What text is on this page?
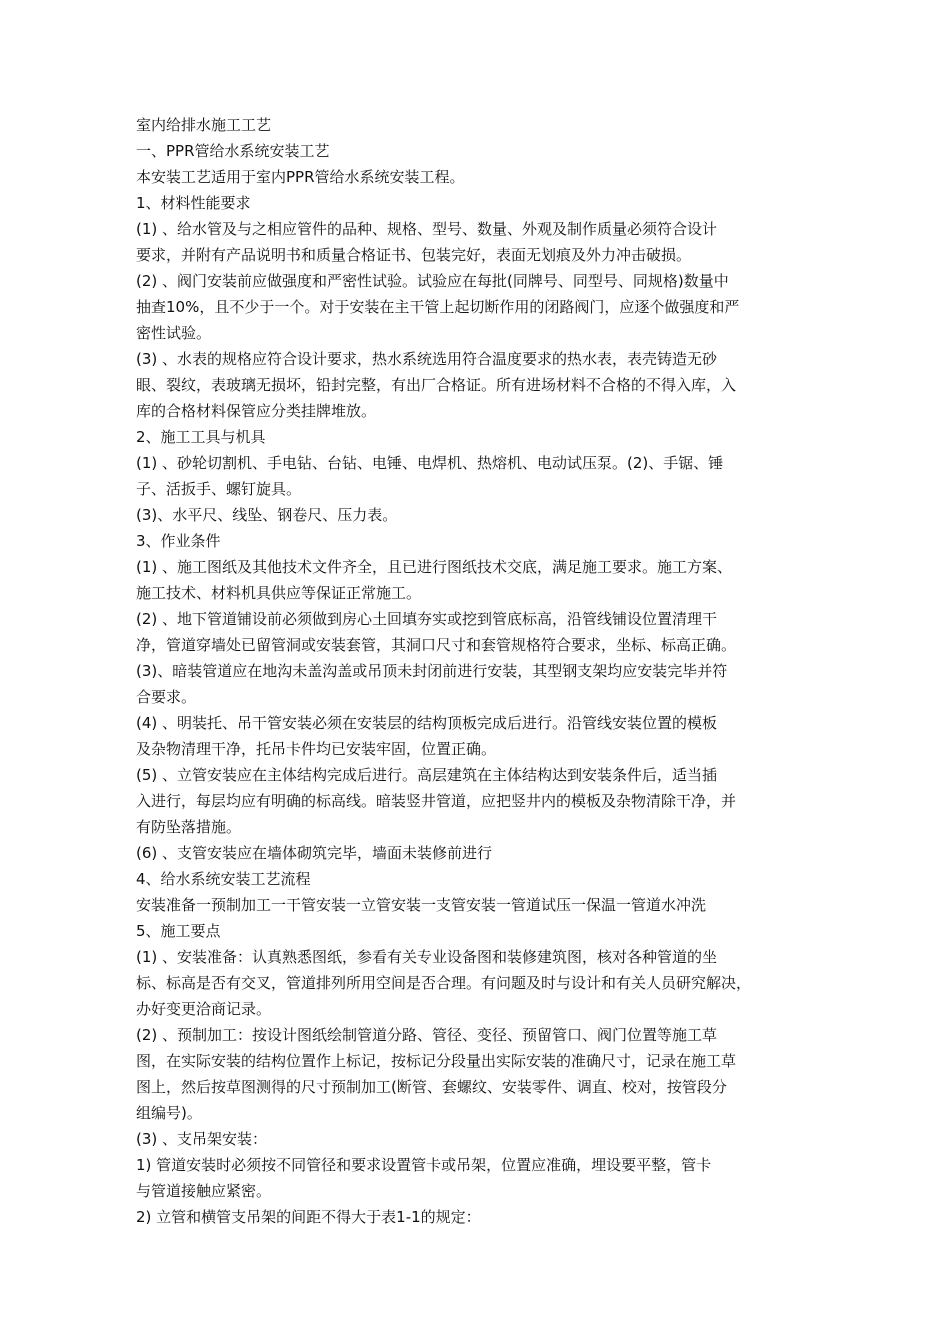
室内给排水施工工艺

一、PPR管给水系统安装工艺

本安装工艺适用于室内PPR管给水系统安装工程。

1、材料性能要求

(1) 、给水管及与之相应管件的品种、规格、型号、数量、外观及制作质量必须符合设计
要求，并附有产品说明书和质量合格证书、包装完好，表面无划痕及外力冲击破损。

(2) 、阀门安装前应做强度和严密性试验。试验应在每批(同牌号、同型号、同规格)数量中
抽查10%，且不少于一个。对于安装在主干管上起切断作用的闭路阀门，应逐个做强度和严
密性试验。

(3) 、水表的规格应符合设计要求，热水系统选用符合温度要求的热水表，表壳铸造无砂
眼、裂纹，表玻璃无损坏，铅封完整，有出厂合格证。所有进场材料不合格的不得入库，入
库的合格材料保管应分类挂牌堆放。

2、施工工具与机具

(1) 、砂轮切割机、手电钻、台钻、电锤、电焊机、热熔机、电动试压泵。(2)、手锯、锤
子、活扳手、螺钉旋具。

(3)、水平尺、线坠、钢卷尺、压力表。

3、作业条件

(1) 、施工图纸及其他技术文件齐全，且已进行图纸技术交底，满足施工要求。施工方案、
施工技术、材料机具供应等保证正常施工。

(2) 、地下管道铺设前必须做到房心土回填夯实或挖到管底标高，沿管线铺设位置清理干
净，管道穿墙处已留管洞或安装套管，其洞口尺寸和套管规格符合要求，坐标、标高正确。

(3)、暗装管道应在地沟未盖沟盖或吊顶未封闭前进行安装，其型钢支架均应安装完毕并符
合要求。

(4) 、明装托、吊干管安装必须在安装层的结构顶板完成后进行。沿管线安装位置的模板
及杂物清理干净，托吊卡件均已安装牢固，位置正确。

(5) 、立管安装应在主体结构完成后进行。高层建筑在主体结构达到安装条件后，适当插
入进行，每层均应有明确的标高线。暗装竖井管道，应把竖井内的模板及杂物清除干净，并
有防坠落措施。

(6) 、支管安装应在墙体砌筑完毕，墙面未装修前进行

4、给水系统安装工艺流程

安装准备一预制加工一干管安装一立管安装一支管安装一管道试压一保温一管道水冲洗

5、施工要点

(1) 、安装准备：认真熟悉图纸，参看有关专业设备图和装修建筑图，核对各种管道的坐
标、标高是否有交叉，管道排列所用空间是否合理。有问题及时与设计和有关人员研究解决，
办好变更洽商记录。

(2) 、预制加工：按设计图纸绘制管道分路、管径、变径、预留管口、阀门位置等施工草
图，在实际安装的结构位置作上标记，按标记分段量出实际安装的准确尺寸，记录在施工草
图上，然后按草图测得的尺寸预制加工(断管、套螺纹、安装零件、调直、校对，按管段分
组编号)。

(3) 、支吊架安装：

1) 管道安装时必须按不同管径和要求设置管卡或吊架，位置应准确，埋设要平整，管卡
与管道接触应紧密。

2) 立管和横管支吊架的间距不得大于表1-1的规定：
